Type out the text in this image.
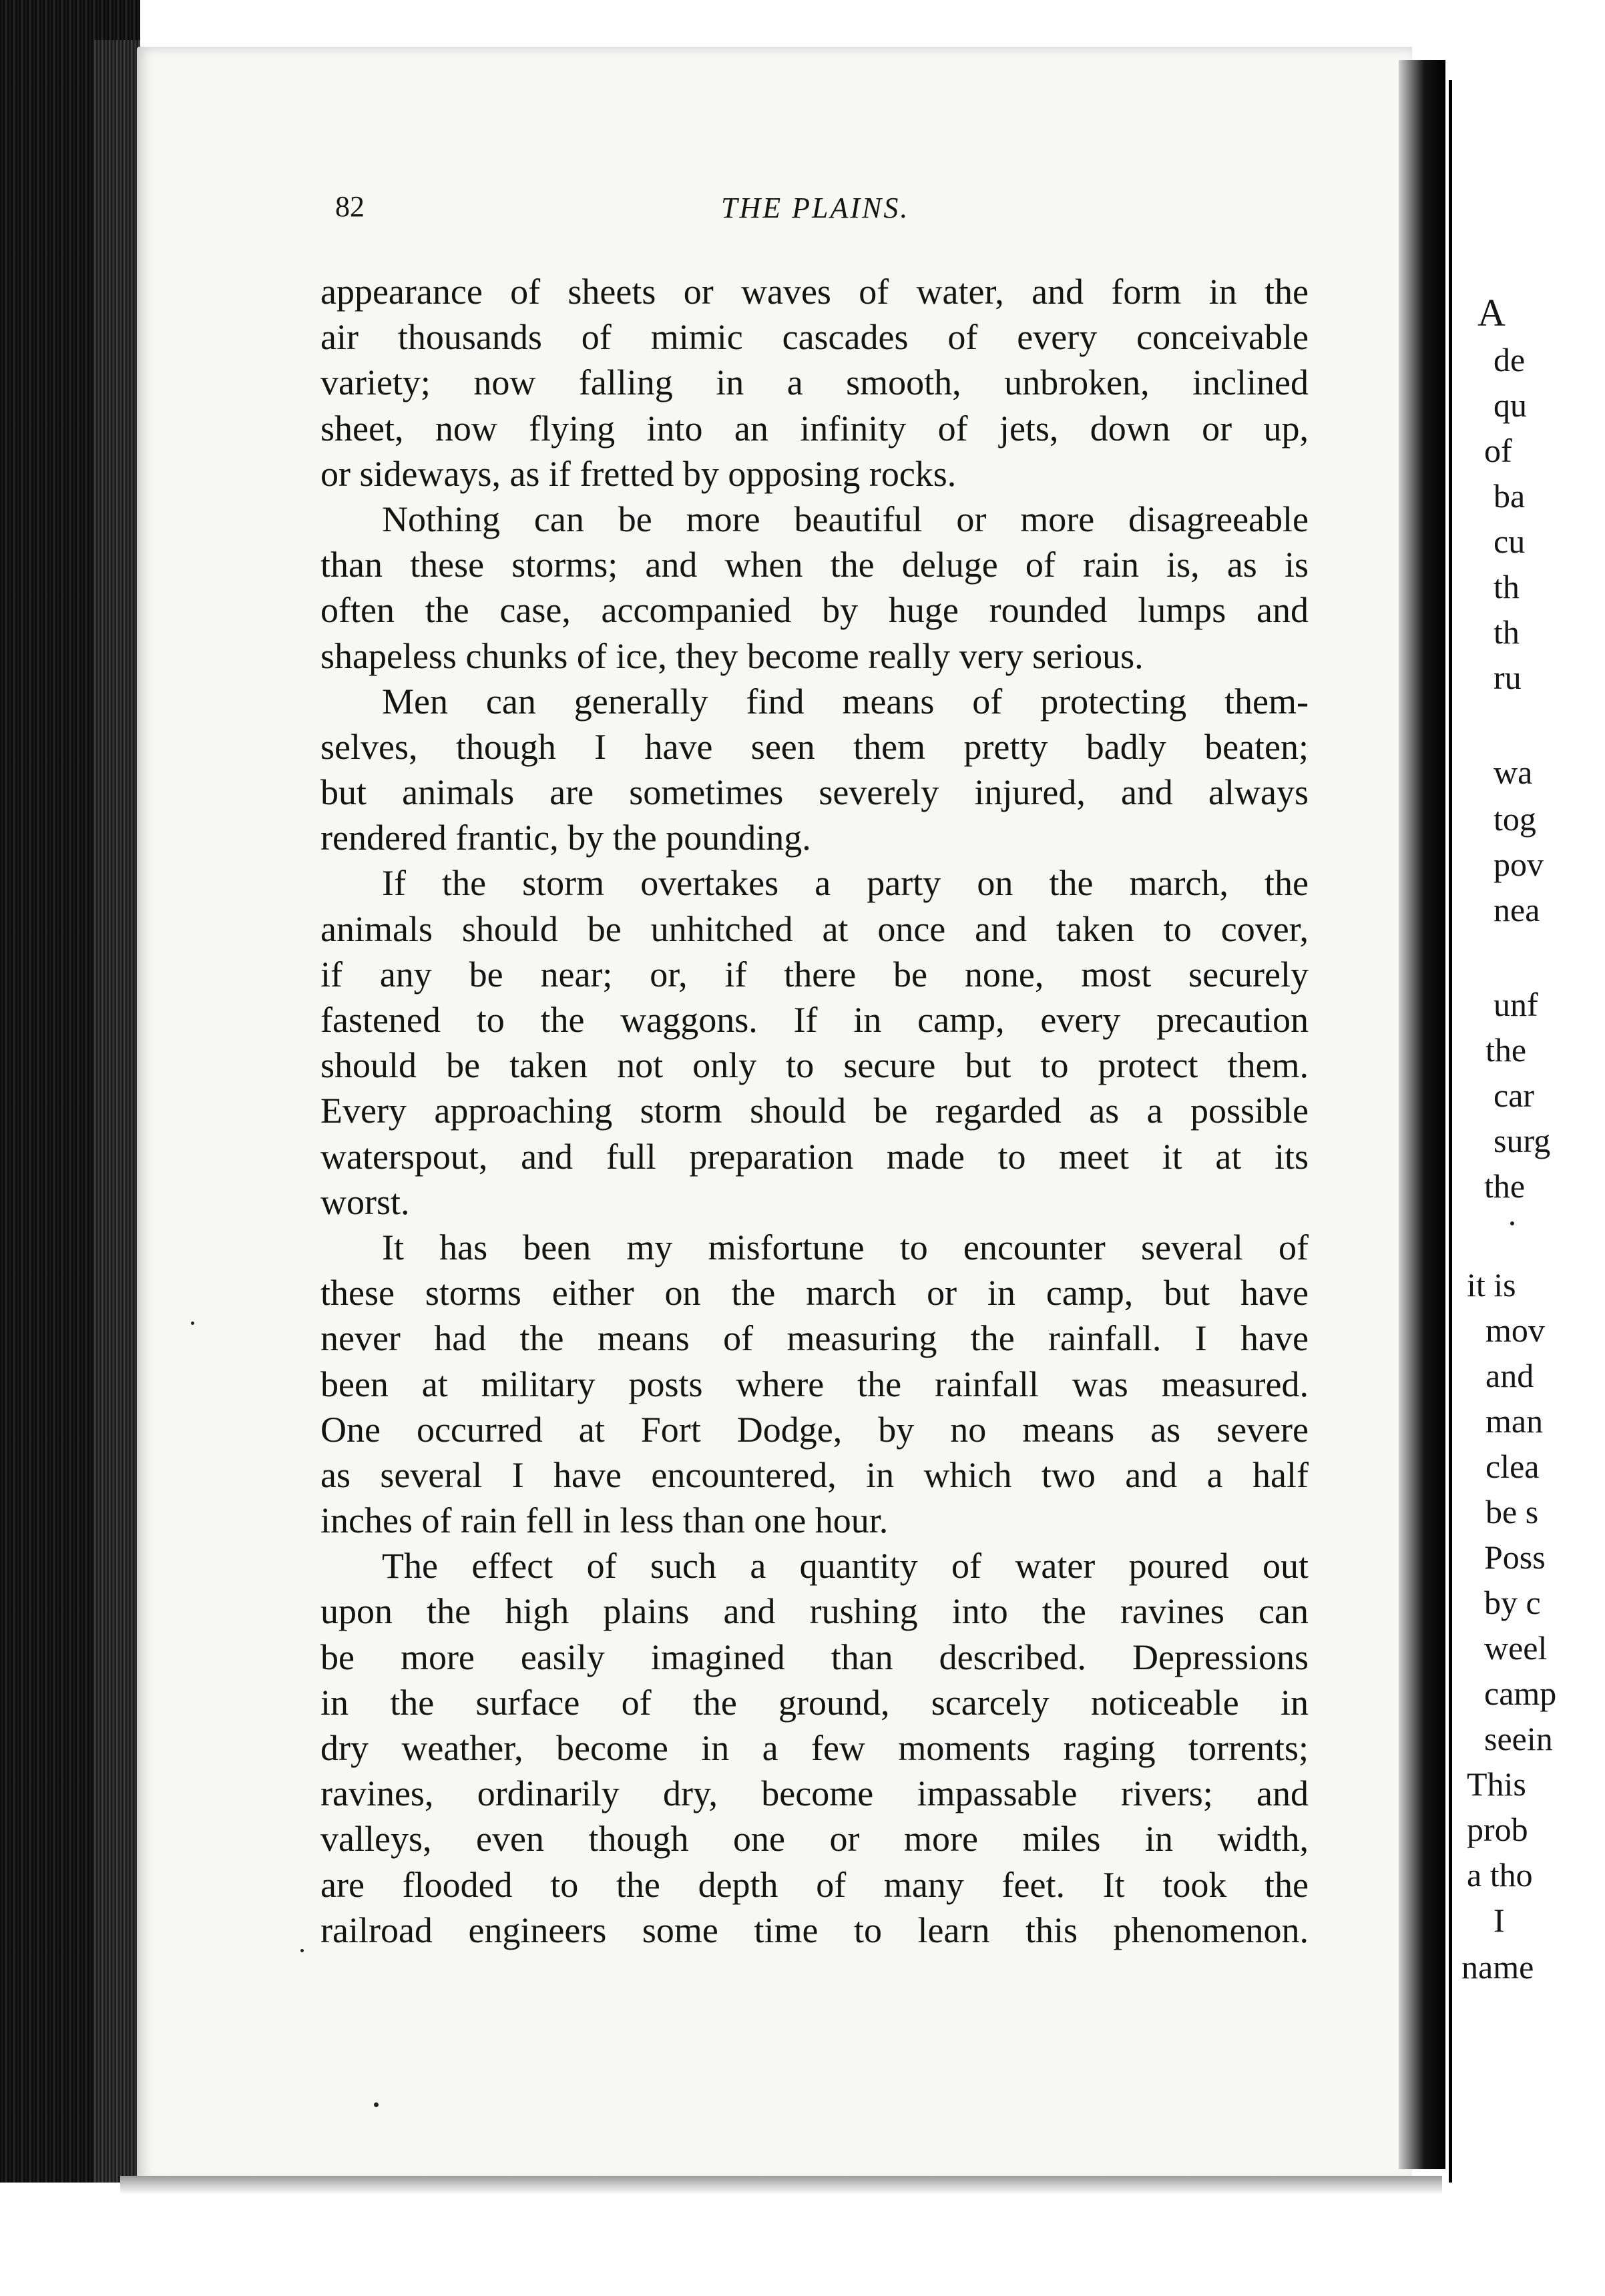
82	THE PLAINS.
appearance of sheets or waves of water, and form in the
air thousands of mimic cascades of every conceivable
variety; now falling in a smooth, unbroken, inclined
sheet, now flying into an infinity of jets, down or up,
or sideways, as if fretted by opposing rocks.
Nothing can be more beautiful or more disagreeable
than these storms; and when the deluge of rain is, as is
often the case, accompanied by huge rounded lumps and
shapeless chunks of ice, they become really very serious.
Men can generally find means of protecting them-
selves, though I have seen them pretty badly beaten;
but animals are sometimes severely injured, and always
rendered frantic, by the pounding.
If the storm overtakes a party on the march, the
animals should be unhitched at once and taken to cover,
if any be near; or, if there be none, most securely
fastened to the waggons. If in camp, every precaution
should be taken not only to secure but to protect them.
Every approaching storm should be regarded as a possible
waterspout, and full preparation made to meet it at its
worst.
It has been my misfortune to encounter several of
these storms either on the march or in camp, but have
never had the means of measuring the rainfall. I have
been at military posts where the rainfall was measured.
One occurred at Fort Dodge, by no means as severe
as several I have encountered, in which two and a half
inches of rain fell in less than one hour.
The effect of such a quantity of water poured out
upon the high plains and rushing into the ravines can
be more easily imagined than described. Depressions
in the surface of the ground, scarcely noticeable in
dry weather, become in a few moments raging torrents;
ravines, ordinarily dry, become impassable rivers; and
valleys, even though one or more miles in width,
are flooded to the depth of many feet. It took the
railroad engineers some time to learn this phenomenon.
A
de
qu
of
ba
cu
th
th
ru
wa
tog
pov
nea
unf
the
car
surg
the
it is
mov
and
man
clea
be s
Poss
by c
weel
camp
seein
This
prob
a tho
I
name
